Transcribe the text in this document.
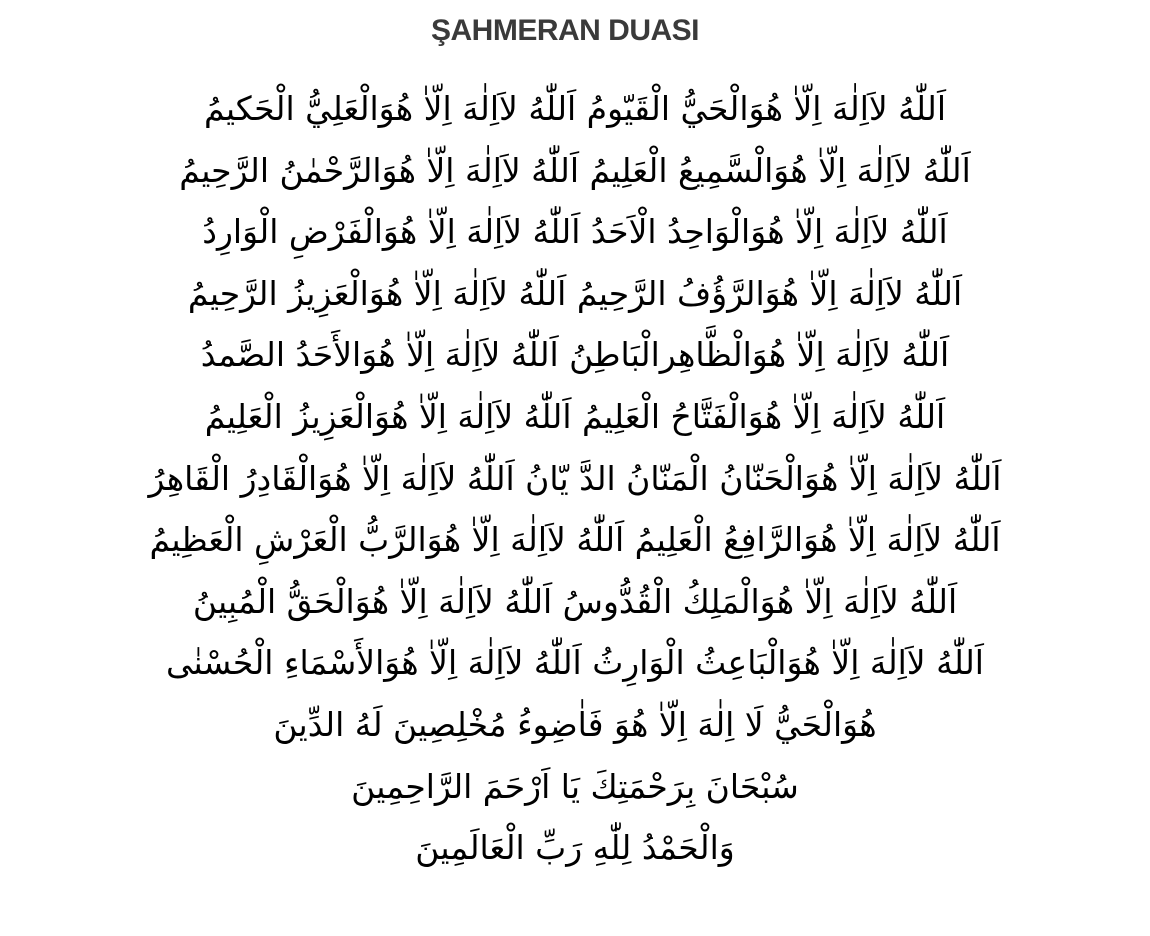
ŞAHMERAN DUASI
اَللّٰهُ لاَاِلٰهَ اِلّاٰ هُوَالْحَيُّ الْقَيّومُ اَللّٰهُ لاَاِلٰهَ اِلّاٰ هُوَالْعَلِيُّ الْحَكيمُ
اَللّٰهُ لاَاِلٰهَ اِلّاٰ هُوَالْسَّمِيعُ الْعَلِيمُ اَللّٰهُ لاَاِلٰهَ اِلّاٰ هُوَالرَّحْمٰنُ الرَّحِيمُ
اَللّٰهُ لاَاِلٰهَ اِلّاٰ هُوَالْوَاحِدُ الْاَحَدُ اَللّٰهُ لاَاِلٰهَ اِلّاٰ هُوَالْفَرْضِ الْوَارِدُ
اَللّٰهُ لاَاِلٰهَ اِلّاٰ هُوَالرَّؤُفُ الرَّحِيمُ اَللّٰهُ لاَاِلٰهَ اِلّاٰ هُوَالْعَزِيزُ الرَّحِيمُ
اَللّٰهُ لاَاِلٰهَ اِلّاٰ هُوَالْظَّاهِرالْبَاطِنُ اَللّٰهُ لاَاِلٰهَ اِلّاٰ هُوَالأَحَدُ الصَّمدُ
اَللّٰهُ لاَاِلٰهَ اِلّاٰ هُوَالْفَتَّاحُ الْعَلِيمُ اَللّٰهُ لاَاِلٰهَ اِلّاٰ هُوَالْعَزِيزُ الْعَلِيمُ
اَللّٰهُ لاَاِلٰهَ اِلّاٰ هُوَالْحَنّانُ الْمَنّانُ الدَّ يّانُ اَللّٰهُ لاَاِلٰهَ اِلّاٰ هُوَالْقَادِرُ الْقَاهِرُ
اَللّٰهُ لاَاِلٰهَ اِلّاٰ هُوَالرَّافِعُ الْعَلِيمُ اَللّٰهُ لاَاِلٰهَ اِلّاٰ هُوَالرَّبُّ الْعَرْشِ الْعَظِيمُ
اَللّٰهُ لاَاِلٰهَ اِلّاٰ هُوَالْمَلِكُ الْقُدُّوسُ اَللّٰهُ لاَاِلٰهَ اِلّاٰ هُوَالْحَقُّ الْمُبِينُ
اَللّٰهُ لاَاِلٰهَ اِلّاٰ هُوَالْبَاعِثُ الْوَارِثُ اَللّٰهُ لاَاِلٰهَ اِلّاٰ هُوَالأَسْمَاءِ الْحُسْنٰى
هُوَالْحَيُّ لَا اِلٰهَ اِلّاٰ هُوَ فَاٰضِوءُ مُخْلِصِينَ لَهُ الدِّينَ
سُبْحَانَ بِرَحْمَتِكَ يَا اَرْحَمَ الرَّاحِمِينَ
وَالْحَمْدُ لِلّٰهِ رَبِّ الْعَالَمِينَ
